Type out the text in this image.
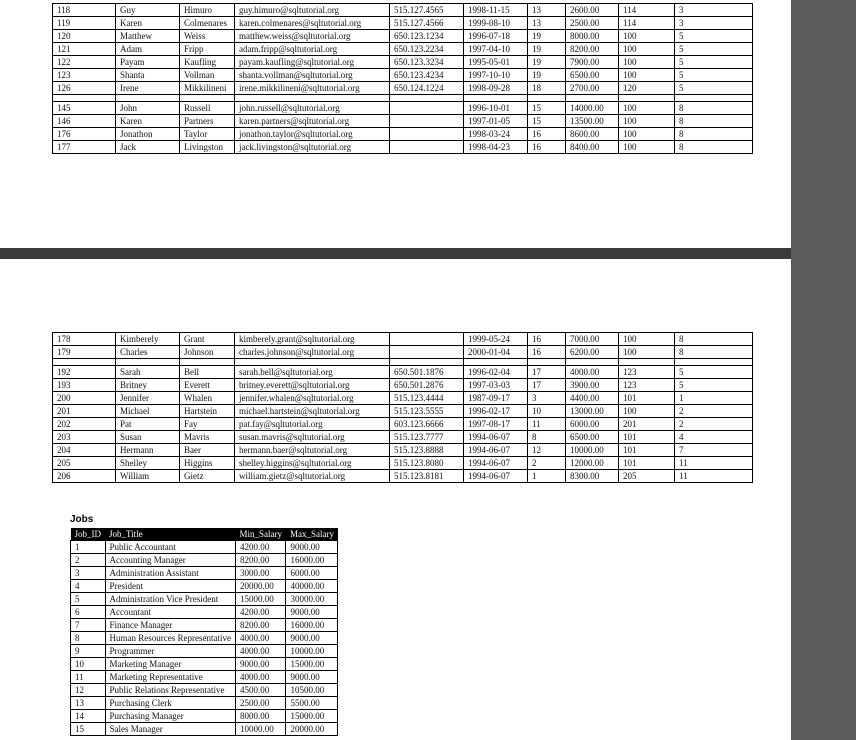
118	Guy	Himuro	guy.himuro@sqltutorial.org	515.127.4565	1998-11-15	13	2600.00	114	3
119	Karen	Colmenares	karen.colmenares@sqltutorial.org	515.127.4566	1999-08-10	13	2500.00	114	3
120	Matthew	Weiss	matthew.weiss@sqltutorial.org	650.123.1234	1996-07-18	19	8000.00	100	5
121	Adam	Fripp	adam.fripp@sqltutorial.org	650.123.2234	1997-04-10	19	8200.00	100	5
122	Payam	Kaufling	payam.kaufling@sqltutorial.org	650.123.3234	1995-05-01	19	7900.00	100	5
123	Shanta	Vollman	shanta.vollman@sqltutorial.org	650.123.4234	1997-10-10	19	6500.00	100	5
126	Irene	Mikkilineni	irene.mikkilineni@sqltutorial.org	650.124.1224	1998-09-28	18	2700.00	120	5

145	John	Russell	john.russell@sqltutorial.org		1996-10-01	15	14000.00	100	8
146	Karen	Partners	karen.partners@sqltutorial.org		1997-01-05	15	13500.00	100	8
176	Jonathon	Taylor	jonathon.taylor@sqltutorial.org		1998-03-24	16	8600.00	100	8
177	Jack	Livingston	jack.livingston@sqltutorial.org		1998-04-23	16	8400.00	100	8
178	Kimberely	Grant	kimberely.grant@sqltutorial.org		1999-05-24	16	7000.00	100	8
179	Charles	Johnson	charles.johnson@sqltutorial.org		2000-01-04	16	6200.00	100	8

192	Sarah	Bell	sarah.bell@sqltutorial.org	650.501.1876	1996-02-04	17	4000.00	123	5
193	Britney	Everett	britney.everett@sqltutorial.org	650.501.2876	1997-03-03	17	3900.00	123	5
200	Jennifer	Whalen	jennifer.whalen@sqltutorial.org	515.123.4444	1987-09-17	3	4400.00	101	1
201	Michael	Hartstein	michael.hartstein@sqltutorial.org	515.123.5555	1996-02-17	10	13000.00	100	2
202	Pat	Fay	pat.fay@sqltutorial.org	603.123.6666	1997-08-17	11	6000.00	201	2
203	Susan	Mavris	susan.mavris@sqltutorial.org	515.123.7777	1994-06-07	8	6500.00	101	4
204	Hermann	Baer	hermann.baer@sqltutorial.org	515.123.8888	1994-06-07	12	10000.00	101	7
205	Shelley	Higgins	shelley.higgins@sqltutorial.org	515.123.8080	1994-06-07	2	12000.00	101	11
206	William	Gietz	william.gietz@sqltutorial.org	515.123.8181	1994-06-07	1	8300.00	205	11
Jobs
Job_ID	Job_Title	Min_Salary	Max_Salary
1	Public Accountant	4200.00	9000.00
2	Accounting Manager	8200.00	16000.00
3	Administration Assistant	3000.00	6000.00
4	President	20000.00	40000.00
5	Administration Vice President	15000.00	30000.00
6	Accountant	4200.00	9000.00
7	Finance Manager	8200.00	16000.00
8	Human Resources Representative	4000.00	9000.00
9	Programmer	4000.00	10000.00
10	Marketing Manager	9000.00	15000.00
11	Marketing Representative	4000.00	9000.00
12	Public Relations Representative	4500.00	10500.00
13	Purchasing Clerk	2500.00	5500.00
14	Purchasing Manager	8000.00	15000.00
15	Sales Manager	10000.00	20000.00
